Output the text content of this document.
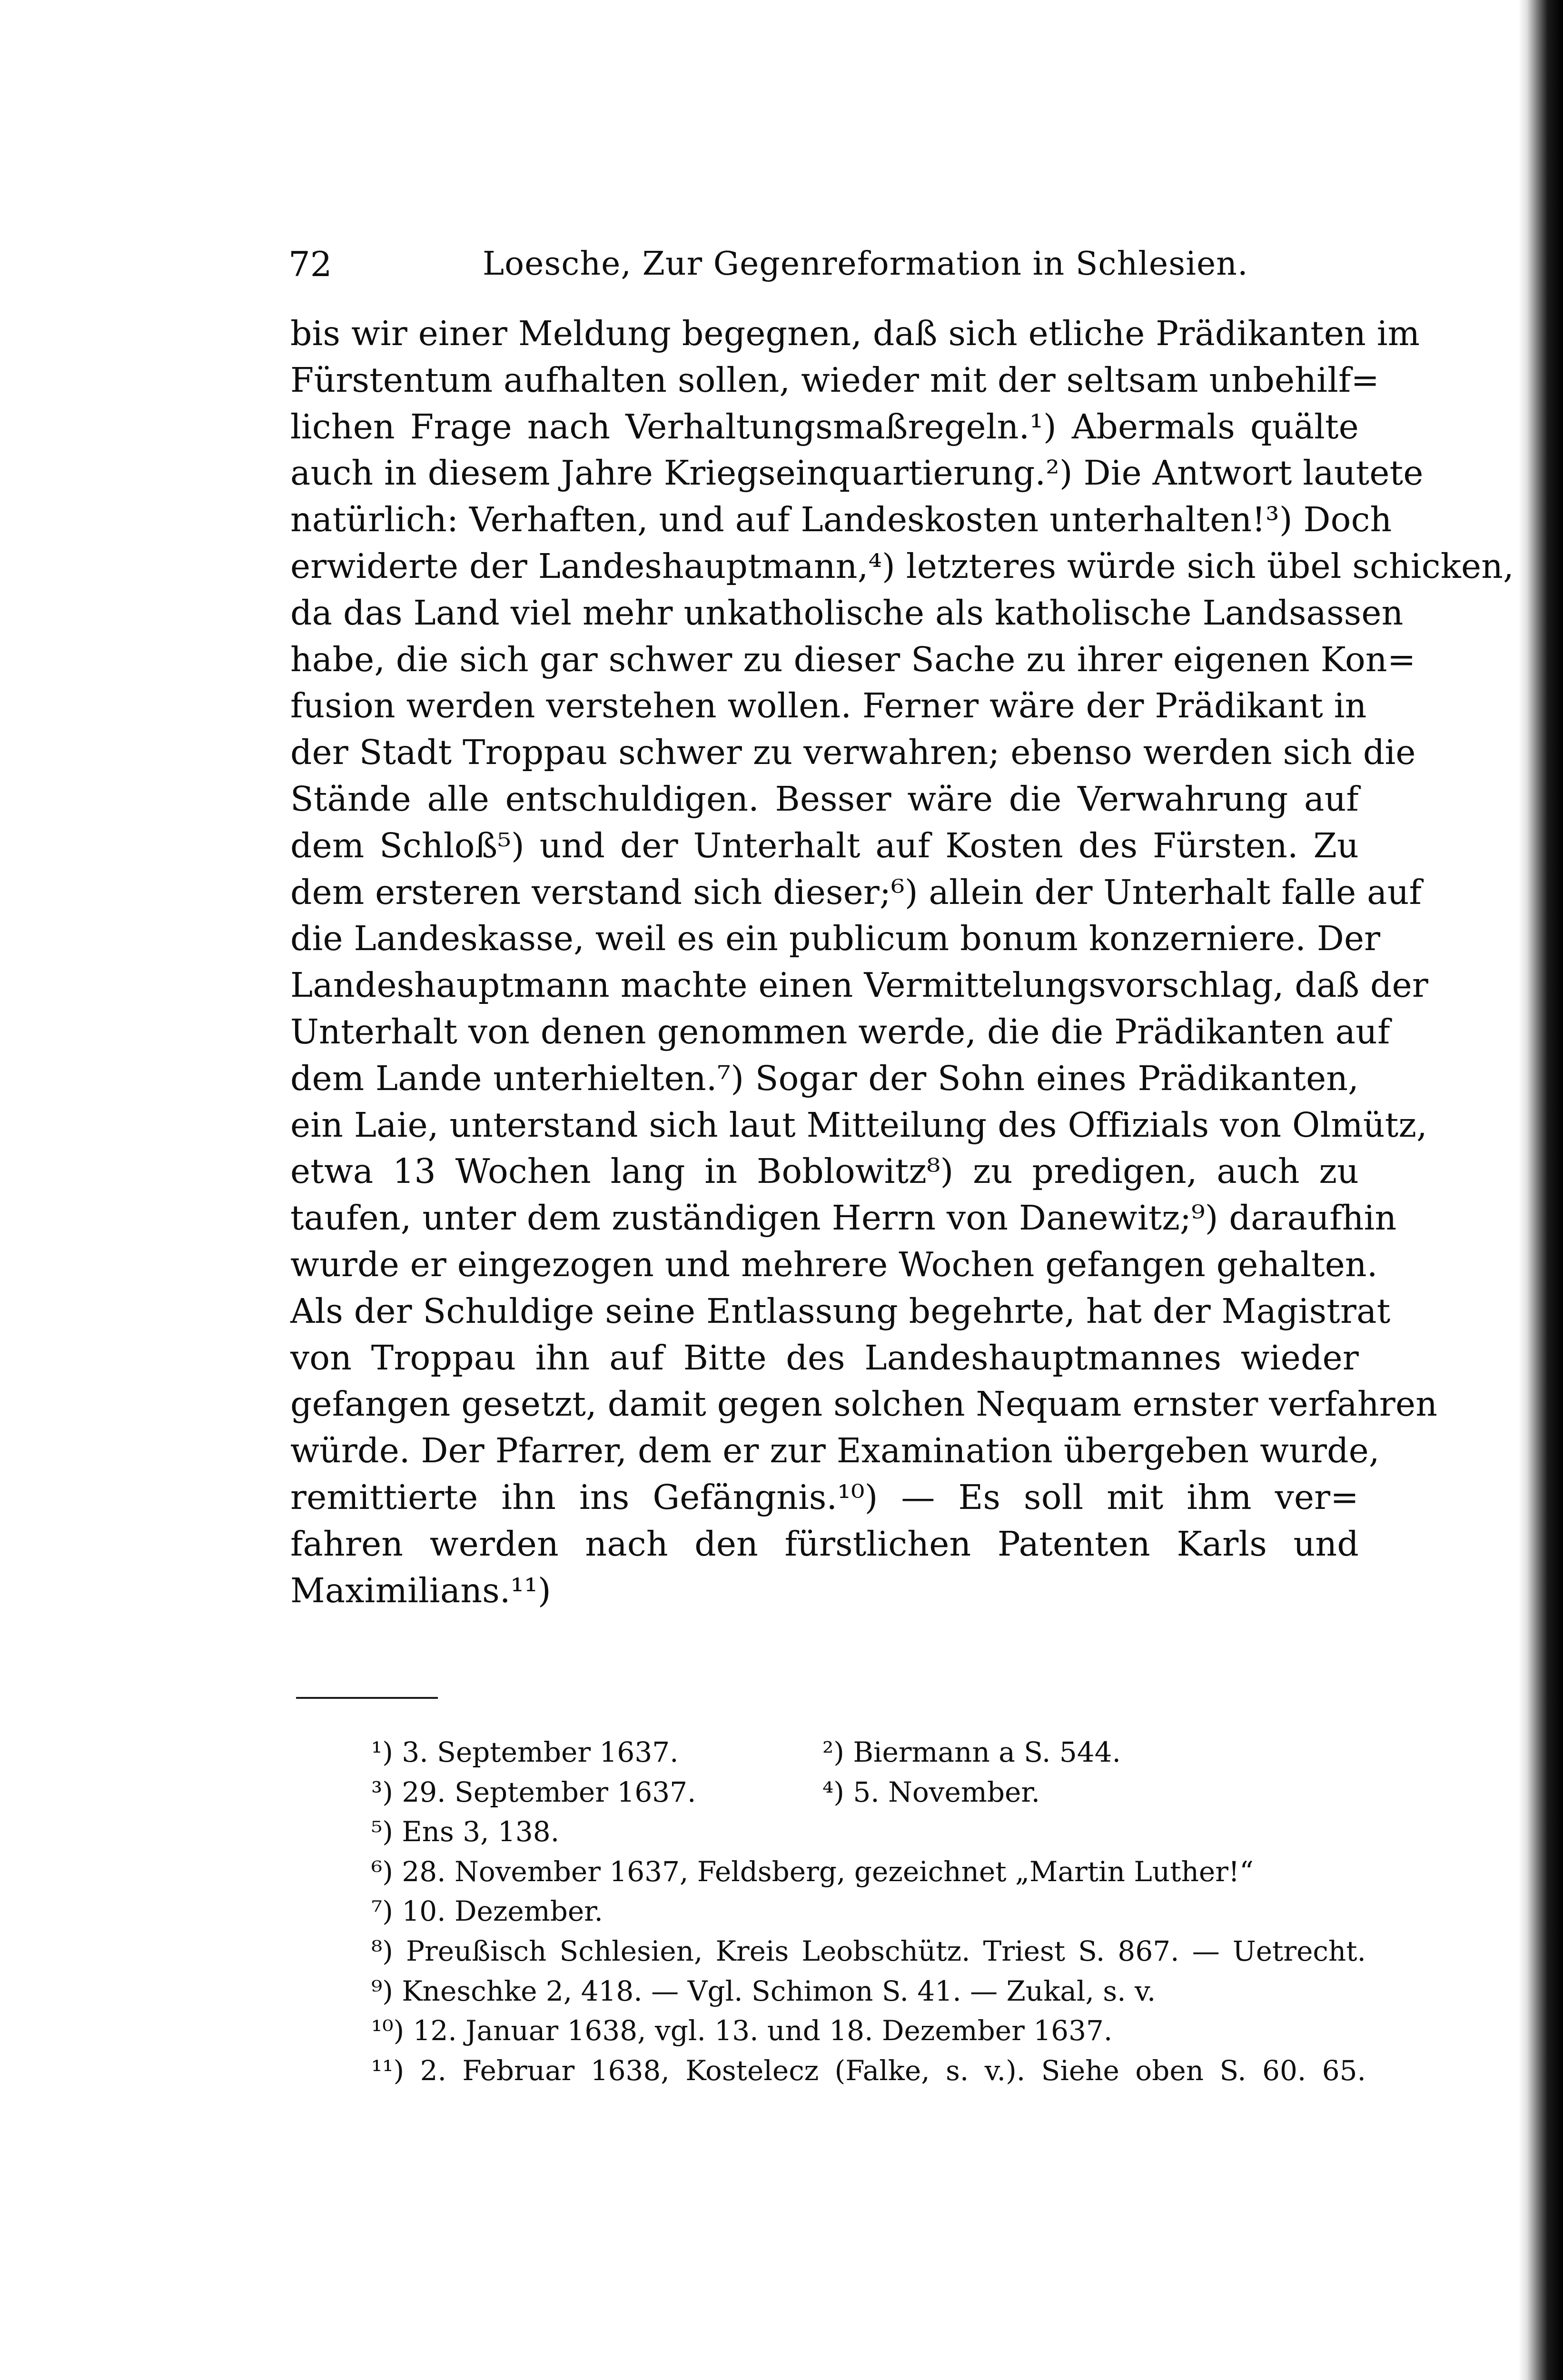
72	Loesche, Zur Gegenreformation in Schlesien.
bis wir einer Meldung begegnen, daß sich etliche Prädikanten im
Fürstentum aufhalten sollen, wieder mit der seltsam unbehilf=
lichen Frage nach Verhaltungsmaßregeln.¹) Abermals quälte
auch in diesem Jahre Kriegseinquartierung.²) Die Antwort lautete
natürlich: Verhaften, und auf Landeskosten unterhalten!³) Doch
erwiderte der Landeshauptmann,⁴) letzteres würde sich übel schicken,
da das Land viel mehr unkatholische als katholische Landsassen
habe, die sich gar schwer zu dieser Sache zu ihrer eigenen Kon=
fusion werden verstehen wollen. Ferner wäre der Prädikant in
der Stadt Troppau schwer zu verwahren; ebenso werden sich die
Stände alle entschuldigen. Besser wäre die Verwahrung auf
dem Schloß⁵) und der Unterhalt auf Kosten des Fürsten. Zu
dem ersteren verstand sich dieser;⁶) allein der Unterhalt falle auf
die Landeskasse, weil es ein publicum bonum konzerniere. Der
Landeshauptmann machte einen Vermittelungsvorschlag, daß der
Unterhalt von denen genommen werde, die die Prädikanten auf
dem Lande unterhielten.⁷) Sogar der Sohn eines Prädikanten,
ein Laie, unterstand sich laut Mitteilung des Offizials von Olmütz,
etwa 13 Wochen lang in Boblowitz⁸) zu predigen, auch zu
taufen, unter dem zuständigen Herrn von Danewitz;⁹) daraufhin
wurde er eingezogen und mehrere Wochen gefangen gehalten.
Als der Schuldige seine Entlassung begehrte, hat der Magistrat
von Troppau ihn auf Bitte des Landeshauptmannes wieder
gefangen gesetzt, damit gegen solchen Nequam ernster verfahren
würde. Der Pfarrer, dem er zur Examination übergeben wurde,
remittierte ihn ins Gefängnis.¹⁰) — Es soll mit ihm ver=
fahren werden nach den fürstlichen Patenten Karls und
Maximilians.¹¹)
¹) 3. September 1637.	²) Biermann a S. 544.
³) 29. September 1637.	⁴) 5. November.
⁵) Ens 3, 138.
⁶) 28. November 1637, Feldsberg, gezeichnet „Martin Luther!“
⁷) 10. Dezember.
⁸) Preußisch Schlesien, Kreis Leobschütz. Triest S. 867. — Uetrecht.
⁹) Kneschke 2, 418. — Vgl. Schimon S. 41. — Zukal, s. v.
¹⁰) 12. Januar 1638, vgl. 13. und 18. Dezember 1637.
¹¹) 2. Februar 1638, Kostelecz (Falke, s. v.). Siehe oben S. 60. 65.
